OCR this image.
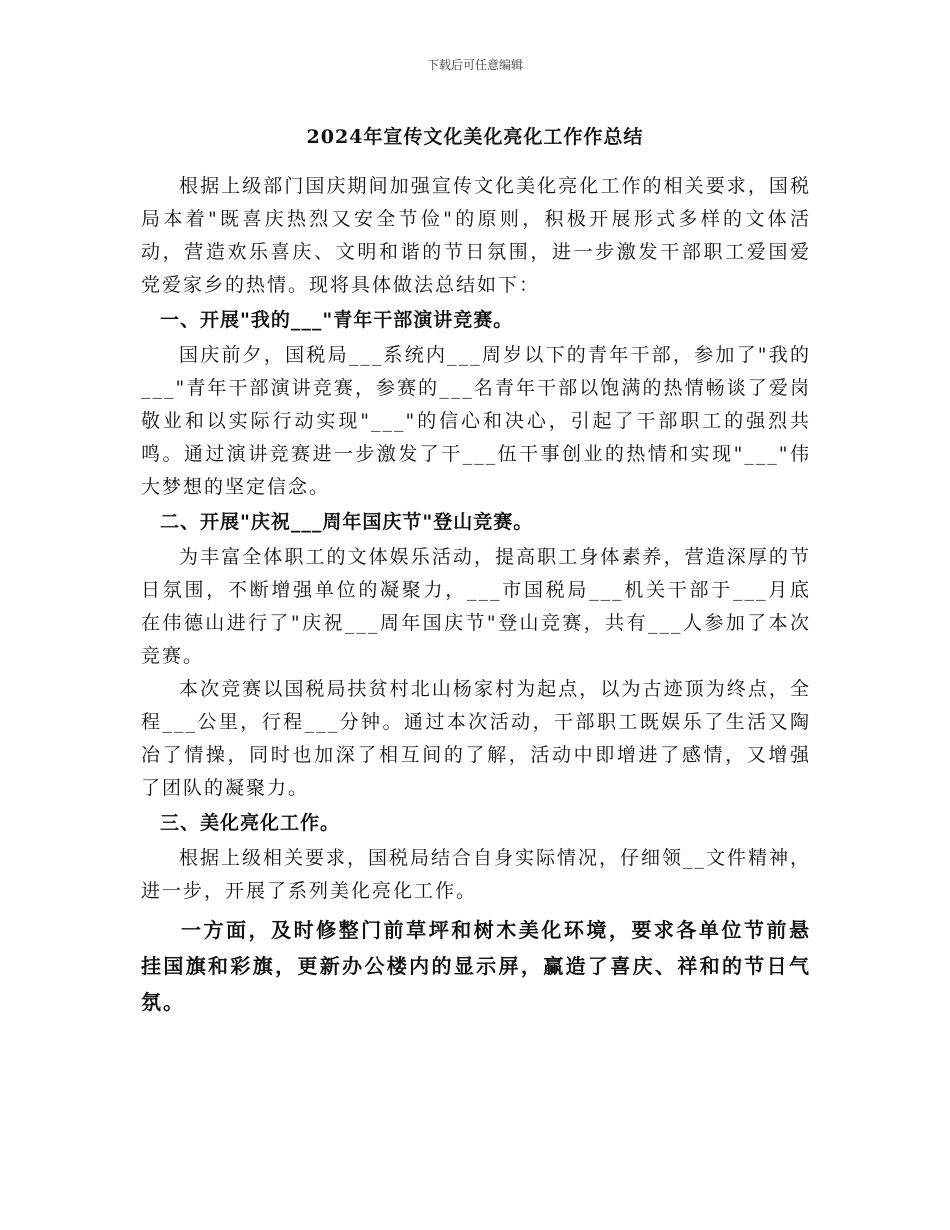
下载后可任意编辑
2024年宣传文化美化亮化工作作总结

根据上级部门国庆期间加强宣传文化美化亮化工作的相关要求，国税局本着"既喜庆热烈又安全节俭"的原则，积极开展形式多样的文体活动，营造欢乐喜庆、文明和谐的节日氛围，进一步激发干部职工爱国爱党爱家乡的热情。现将具体做法总结如下：

一、开展"我的___"青年干部演讲竞赛。

国庆前夕，国税局___系统内___周岁以下的青年干部，参加了"我的___"青年干部演讲竞赛，参赛的___名青年干部以饱满的热情畅谈了爱岗敬业和以实际行动实现"___"的信心和决心，引起了干部职工的强烈共鸣。通过演讲竞赛进一步激发了干___伍干事创业的热情和实现"___"伟大梦想的坚定信念。

二、开展"庆祝___周年国庆节"登山竞赛。

为丰富全体职工的文体娱乐活动，提高职工身体素养，营造深厚的节日氛围，不断增强单位的凝聚力，___市国税局___机关干部于___月底在伟德山进行了"庆祝___周年国庆节"登山竞赛，共有___人参加了本次竞赛。

本次竞赛以国税局扶贫村北山杨家村为起点，以为古迹顶为终点，全程___公里，行程___分钟。通过本次活动，干部职工既娱乐了生活又陶冶了情操，同时也加深了相互间的了解，活动中即增进了感情，又增强了团队的凝聚力。

三、美化亮化工作。

根据上级相关要求，国税局结合自身实际情况，仔细领__文件精神，进一步，开展了系列美化亮化工作。

一方面，及时修整门前草坪和树木美化环境，要求各单位节前悬挂国旗和彩旗，更新办公楼内的显示屏，赢造了喜庆、祥和的节日气氛。
